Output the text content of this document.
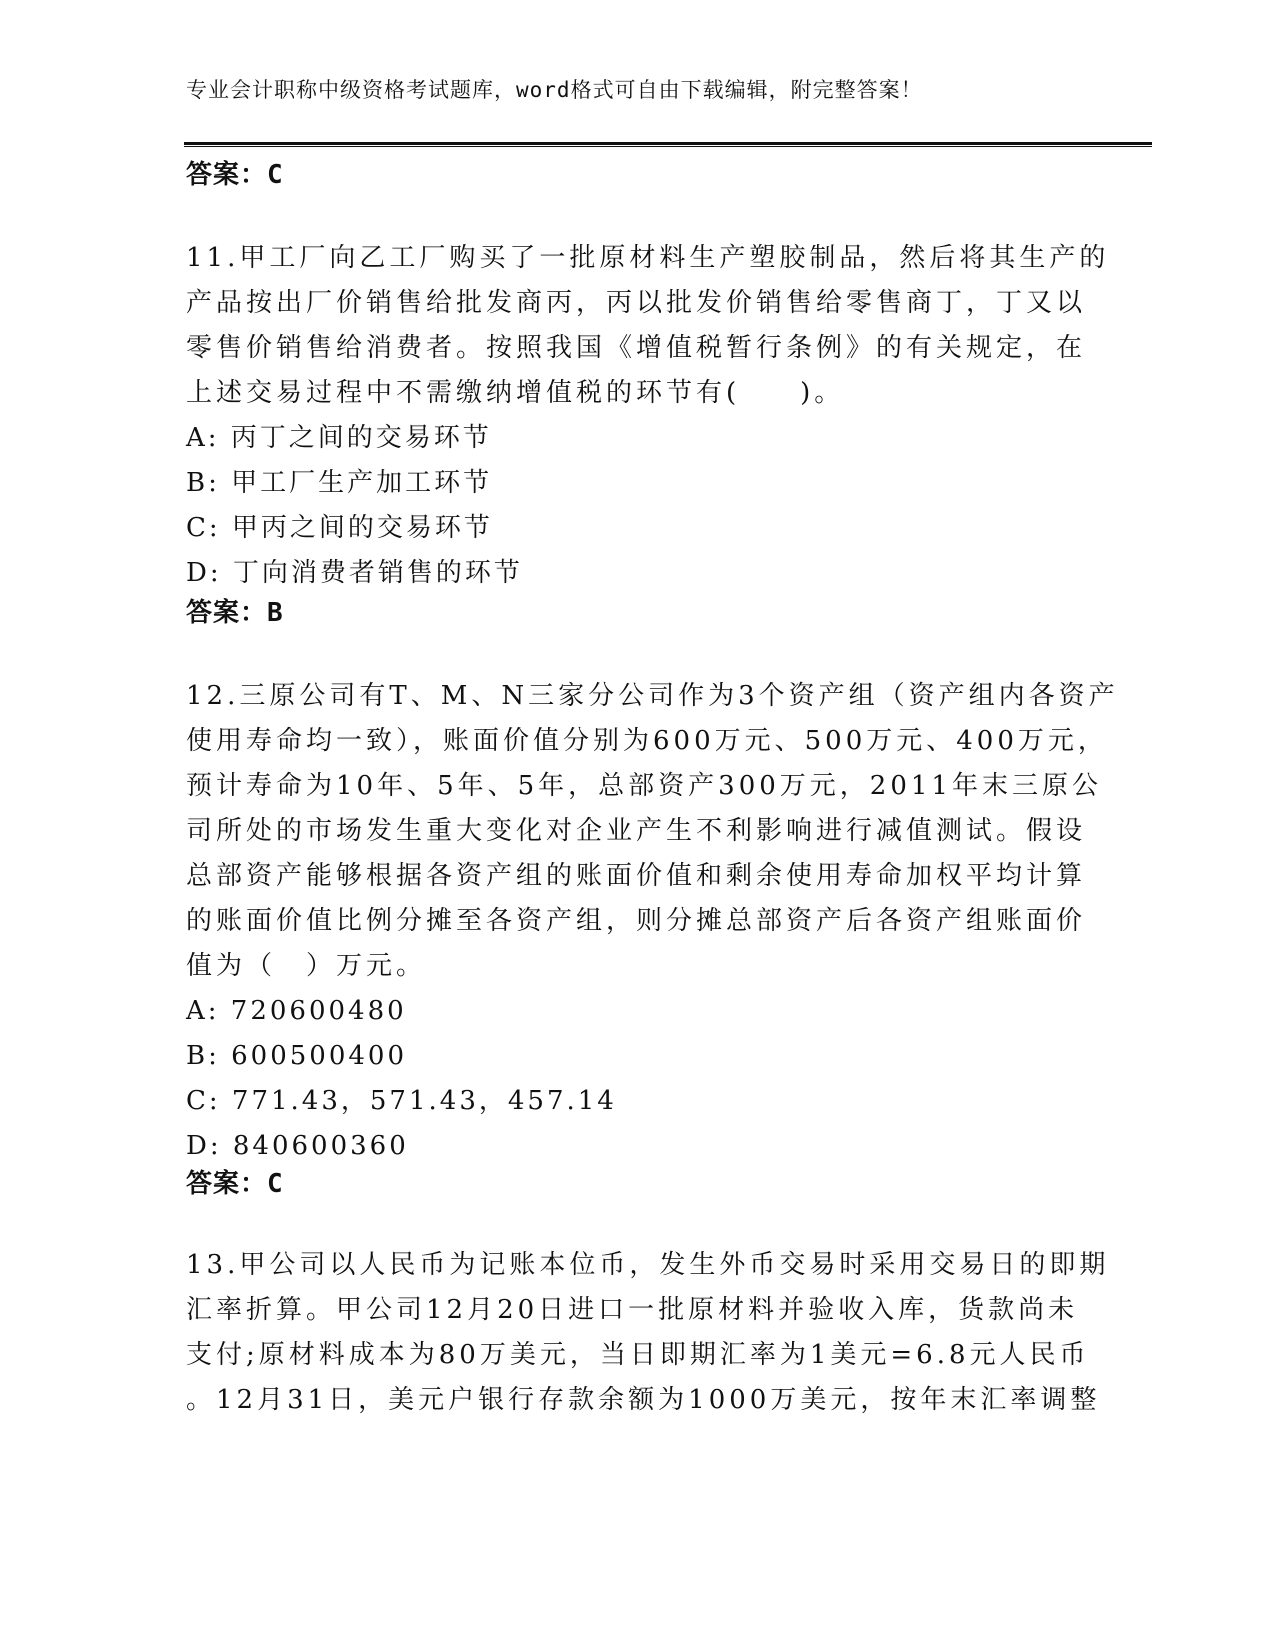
专业会计职称中级资格考试题库，word格式可自由下载编辑，附完整答案！
答案：C
11.甲工厂向乙工厂购买了一批原材料生产塑胶制品，然后将其生产的
产品按出厂价销售给批发商丙，丙以批发价销售给零售商丁，丁又以
零售价销售给消费者。按照我国《增值税暂行条例》的有关规定，在
上述交易过程中不需缴纳增值税的环节有(　　)。
A: 丙丁之间的交易环节
B: 甲工厂生产加工环节
C: 甲丙之间的交易环节
D: 丁向消费者销售的环节
答案：B
12.三原公司有T、M、N三家分公司作为3个资产组（资产组内各资产
使用寿命均一致），账面价值分别为600万元、500万元、400万元，
预计寿命为10年、5年、5年，总部资产300万元，2011年末三原公
司所处的市场发生重大变化对企业产生不利影响进行减值测试。假设
总部资产能够根据各资产组的账面价值和剩余使用寿命加权平均计算
的账面价值比例分摊至各资产组，则分摊总部资产后各资产组账面价
值为（　）万元。
A: 720600480
B: 600500400
C: 771.43，571.43，457.14
D: 840600360
答案：C
13.甲公司以人民币为记账本位币，发生外币交易时采用交易日的即期
汇率折算。甲公司12月20日进口一批原材料并验收入库，货款尚未
支付;原材料成本为80万美元，当日即期汇率为1美元=6.8元人民币
。12月31日，美元户银行存款余额为1000万美元，按年末汇率调整
